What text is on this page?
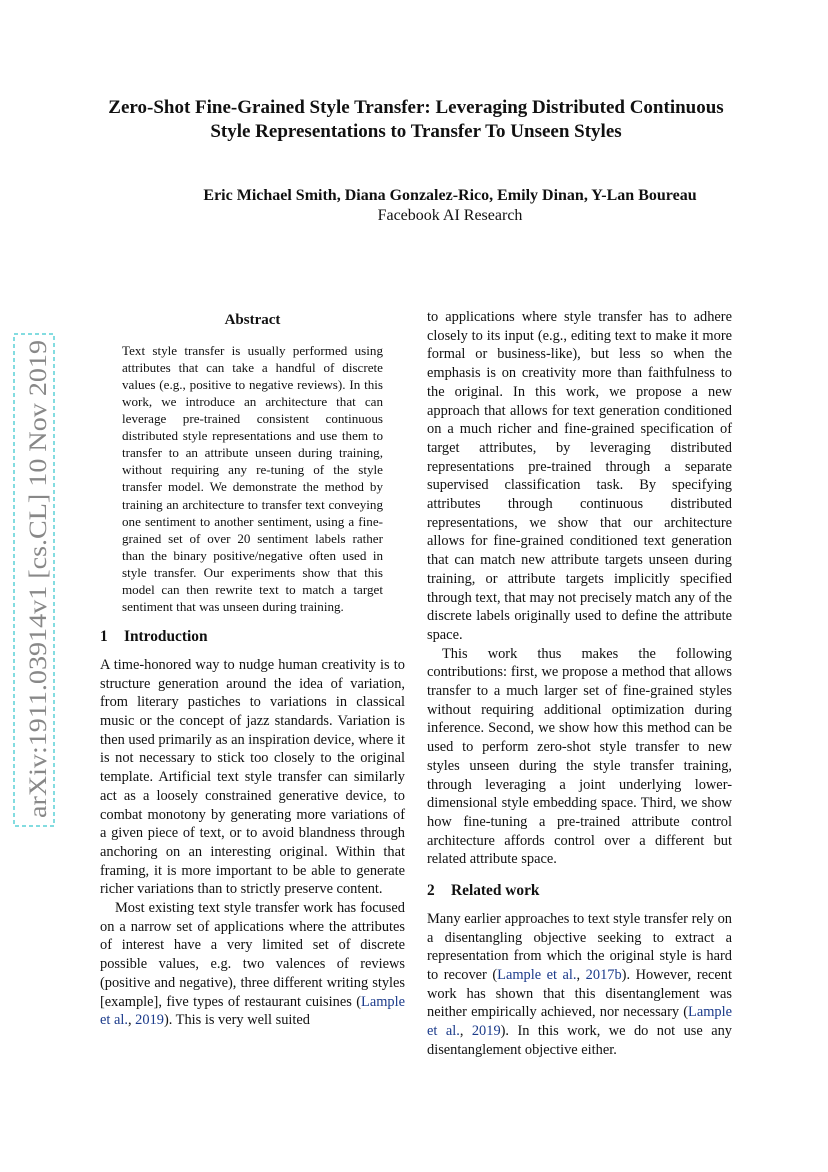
Zero-Shot Fine-Grained Style Transfer: Leveraging Distributed Continuous Style Representations to Transfer To Unseen Styles
Eric Michael Smith, Diana Gonzalez-Rico, Emily Dinan, Y-Lan Boureau
Facebook AI Research
arXiv:1911.03914v1 [cs.CL] 10 Nov 2019
Abstract

Text style transfer is usually performed using attributes that can take a handful of discrete values (e.g., positive to negative reviews). In this work, we introduce an architecture that can leverage pre-trained consistent continuous distributed style representations and use them to transfer to an attribute unseen during training, without requiring any re-tuning of the style transfer model. We demonstrate the method by training an architecture to transfer text conveying one sentiment to another sentiment, using a fine-grained set of over 20 sentiment labels rather than the binary positive/negative often used in style transfer. Our experiments show that this model can then rewrite text to match a target sentiment that was unseen during training.

1 Introduction

A time-honored way to nudge human creativity is to structure generation around the idea of variation, from literary pastiches to variations in classical music or the concept of jazz standards. Variation is then used primarily as an inspiration device, where it is not necessary to stick too closely to the original template. Artificial text style transfer can similarly act as a loosely constrained generative device, to combat monotony by generating more variations of a given piece of text, or to avoid blandness through anchoring on an interesting original. Within that framing, it is more important to be able to generate richer variations than to strictly preserve content.

Most existing text style transfer work has focused on a narrow set of applications where the attributes of interest have a very limited set of discrete possible values, e.g. two valences of reviews (positive and negative), three different writing styles [example], five types of restaurant cuisines (Lample et al., 2019). This is very well suited

to applications where style transfer has to adhere closely to its input (e.g., editing text to make it more formal or business-like), but less so when the emphasis is on creativity more than faithfulness to the original. In this work, we propose a new approach that allows for text generation conditioned on a much richer and fine-grained specification of target attributes, by leveraging distributed representations pre-trained through a separate supervised classification task. By specifying attributes through continuous distributed representations, we show that our architecture allows for fine-grained conditioned text generation that can match new attribute targets unseen during training, or attribute targets implicitly specified through text, that may not precisely match any of the discrete labels originally used to define the attribute space.

This work thus makes the following contributions: first, we propose a method that allows transfer to a much larger set of fine-grained styles without requiring additional optimization during inference. Second, we show how this method can be used to perform zero-shot style transfer to new styles unseen during the style transfer training, through leveraging a joint underlying lower-dimensional style embedding space. Third, we show how fine-tuning a pre-trained attribute control architecture affords control over a different but related attribute space.

2 Related work

Many earlier approaches to text style transfer rely on a disentangling objective seeking to extract a representation from which the original style is hard to recover (Lample et al., 2017b). However, recent work has shown that this disentanglement was neither empirically achieved, nor necessary (Lample et al., 2019). In this work, we do not use any disentanglement objective either.
